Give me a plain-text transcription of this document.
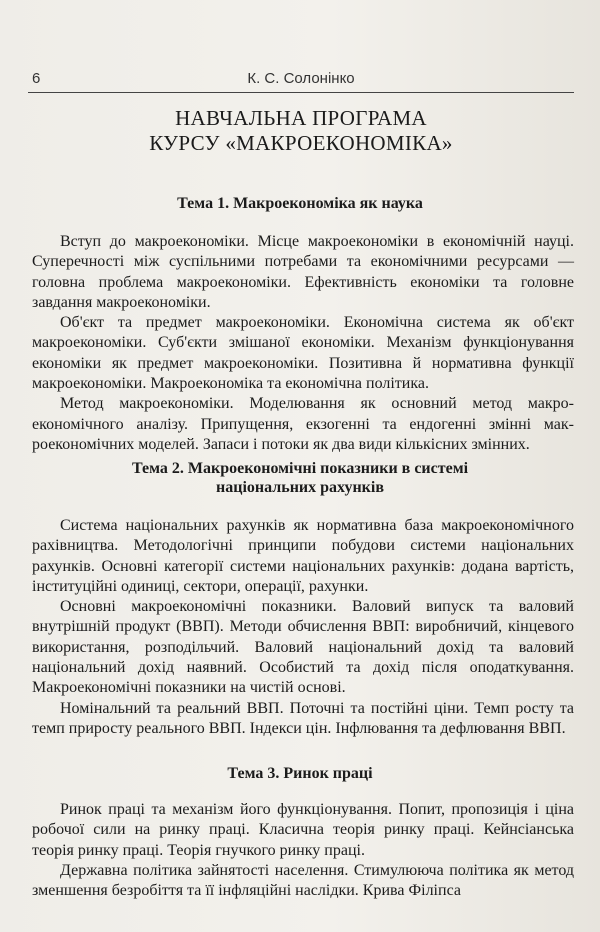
6	К. С. Солонінко
НАВЧАЛЬНА ПРОГРАМА
КУРСУ «МАКРОЕКОНОМІКА»
Тема 1. Макроекономіка як наука

Вступ до макроекономіки. Місце макроекономіки в економічній науці. Суперечності між суспільними потребами та економічними ресурсами — головна проблема макроекономіки. Ефективність економіки та головне завдання макроекономіки.

Об'єкт та предмет макроекономіки. Економічна система як об'єкт макроекономіки. Суб'єкти змішаної економіки. Механізм функціонування економіки як предмет макроекономіки. Позитивна й нормативна функції макроекономіки. Макроекономіка та економічна політика.

Метод макроекономіки. Моделювання як основний метод макроекономічного аналізу. Припущення, екзогенні та ендогенні змінні макроекономічних моделей. Запаси і потоки як два види кількісних змінних.

Тема 2. Макроекономічні показники в системі
національних рахунків

Система національних рахунків як нормативна база макроекономічного рахівництва. Методологічні принципи побудови системи національних рахунків. Основні категорії системи національних рахунків: додана вартість, інституційні одиниці, сектори, операції, рахунки.

Основні макроекономічні показники. Валовий випуск та валовий внутрішній продукт (ВВП). Методи обчислення ВВП: виробничий, кінцевого використання, розподільчий. Валовий національний дохід та валовий національний дохід наявний. Особистий та дохід після оподаткування. Макроекономічні показники на чистій основі.

Номінальний та реальний ВВП. Поточні та постійні ціни. Темп росту та темп приросту реального ВВП. Індекси цін. Інфлювання та дефлювання ВВП.

Тема 3. Ринок праці

Ринок праці та механізм його функціонування. Попит, пропозиція і ціна робочої сили на ринку праці. Класична теорія ринку праці. Кейнсіанська теорія ринку праці. Теорія гнучкого ринку праці.

Державна політика зайнятості населення. Стимулююча політика як метод зменшення безробіття та її інфляційні наслідки. Крива Філіпса
